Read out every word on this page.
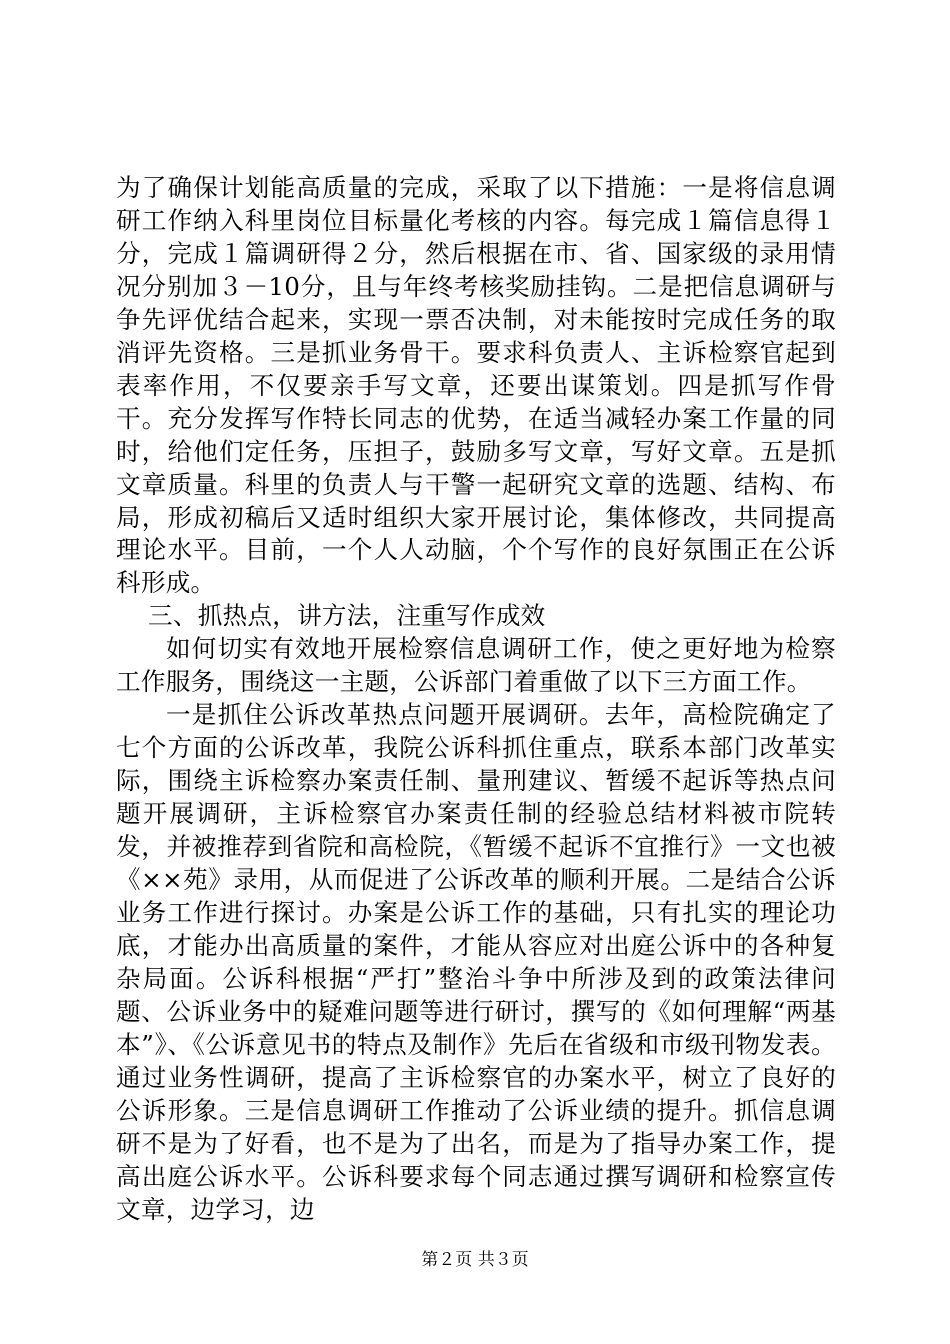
为了确保计划能高质量的完成，采取了以下措施：一是将信息调研工作纳入科里岗位目标量化考核的内容。每完成１篇信息得１分，完成１篇调研得２分，然后根据在市、省、国家级的录用情况分别加３－10分，且与年终考核奖励挂钩。二是把信息调研与争先评优结合起来，实现一票否决制，对未能按时完成任务的取消评先资格。三是抓业务骨干。要求科负责人、主诉检察官起到表率作用，不仅要亲手写文章，还要出谋策划。四是抓写作骨干。充分发挥写作特长同志的优势，在适当减轻办案工作量的同时，给他们定任务，压担子，鼓励多写文章，写好文章。五是抓文章质量。科里的负责人与干警一起研究文章的选题、结构、布局，形成初稿后又适时组织大家开展讨论，集体修改，共同提高理论水平。目前，一个人人动脑，个个写作的良好氛围正在公诉科形成。

三、抓热点，讲方法，注重写作成效

如何切实有效地开展检察信息调研工作，使之更好地为检察工作服务，围绕这一主题，公诉部门着重做了以下三方面工作。

一是抓住公诉改革热点问题开展调研。去年，高检院确定了七个方面的公诉改革，我院公诉科抓住重点，联系本部门改革实际，围绕主诉检察办案责任制、量刑建议、暂缓不起诉等热点问题开展调研，主诉检察官办案责任制的经验总结材料被市院转发，并被推荐到省院和高检院，《暂缓不起诉不宜推行》一文也被《××苑》录用，从而促进了公诉改革的顺利开展。二是结合公诉业务工作进行探讨。办案是公诉工作的基础，只有扎实的理论功底，才能办出高质量的案件，才能从容应对出庭公诉中的各种复杂局面。公诉科根据“严打”整治斗争中所涉及到的政策法律问题、公诉业务中的疑难问题等进行研讨，撰写的《如何理解“两基本”》、《公诉意见书的特点及制作》先后在省级和市级刊物发表。通过业务性调研，提高了主诉检察官的办案水平，树立了良好的公诉形象。三是信息调研工作推动了公诉业绩的提升。抓信息调研不是为了好看，也不是为了出名，而是为了指导办案工作，提高出庭公诉水平。公诉科要求每个同志通过撰写调研和检察宣传文章，边学习，边

第２页 共３页
